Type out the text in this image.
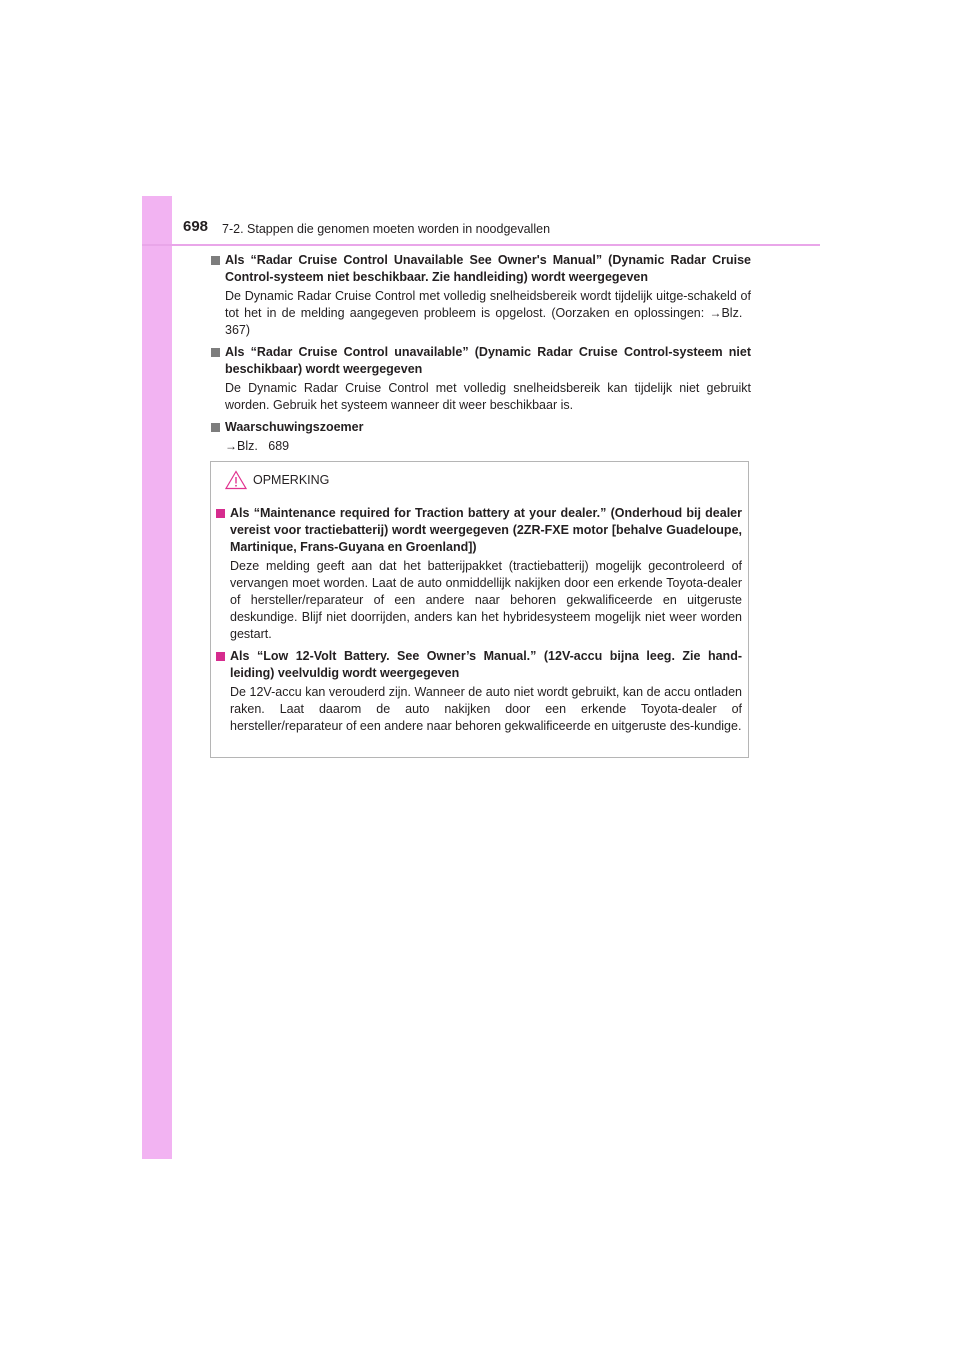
698 7-2. Stappen die genomen moeten worden in noodgevallen
Als “Radar Cruise Control Unavailable See Owner's Manual” (Dynamic Radar Cruise Control-systeem niet beschikbaar. Zie handleiding) wordt weergegeven
De Dynamic Radar Cruise Control met volledig snelheidsbereik wordt tijdelijk uitge-schakeld of tot het in de melding aangegeven probleem is opgelost. (Oorzaken en oplossingen: →Blz.   367)
Als “Radar Cruise Control unavailable” (Dynamic Radar Cruise Control-systeem niet beschikbaar) wordt weergegeven
De Dynamic Radar Cruise Control met volledig snelheidsbereik kan tijdelijk niet gebruikt worden. Gebruik het systeem wanneer dit weer beschikbaar is.
Waarschuwingszoemer
→Blz.   689
OPMERKING
Als “Maintenance required for Traction battery at your dealer.” (Onderhoud bij dealer vereist voor tractiebatterij) wordt weergegeven (2ZR-FXE motor [behalve Guadeloupe, Martinique, Frans-Guyana en Groenland])
Deze melding geeft aan dat het batterijpakket (tractiebatterij) mogelijk gecontroleerd of vervangen moet worden. Laat de auto onmiddellijk nakijken door een erkende Toyota-dealer of hersteller/reparateur of een andere naar behoren gekwalificeerde en uitgeruste deskundige. Blijf niet doorrijden, anders kan het hybridesysteem mogelijk niet weer worden gestart.
Als “Low 12-Volt Battery. See Owner’s Manual.” (12V-accu bijna leeg. Zie hand-leiding) veelvuldig wordt weergegeven
De 12V-accu kan verouderd zijn. Wanneer de auto niet wordt gebruikt, kan de accu ontladen raken. Laat daarom de auto nakijken door een erkende Toyota-dealer of hersteller/reparateur of een andere naar behoren gekwalificeerde en uitgeruste des-kundige.
